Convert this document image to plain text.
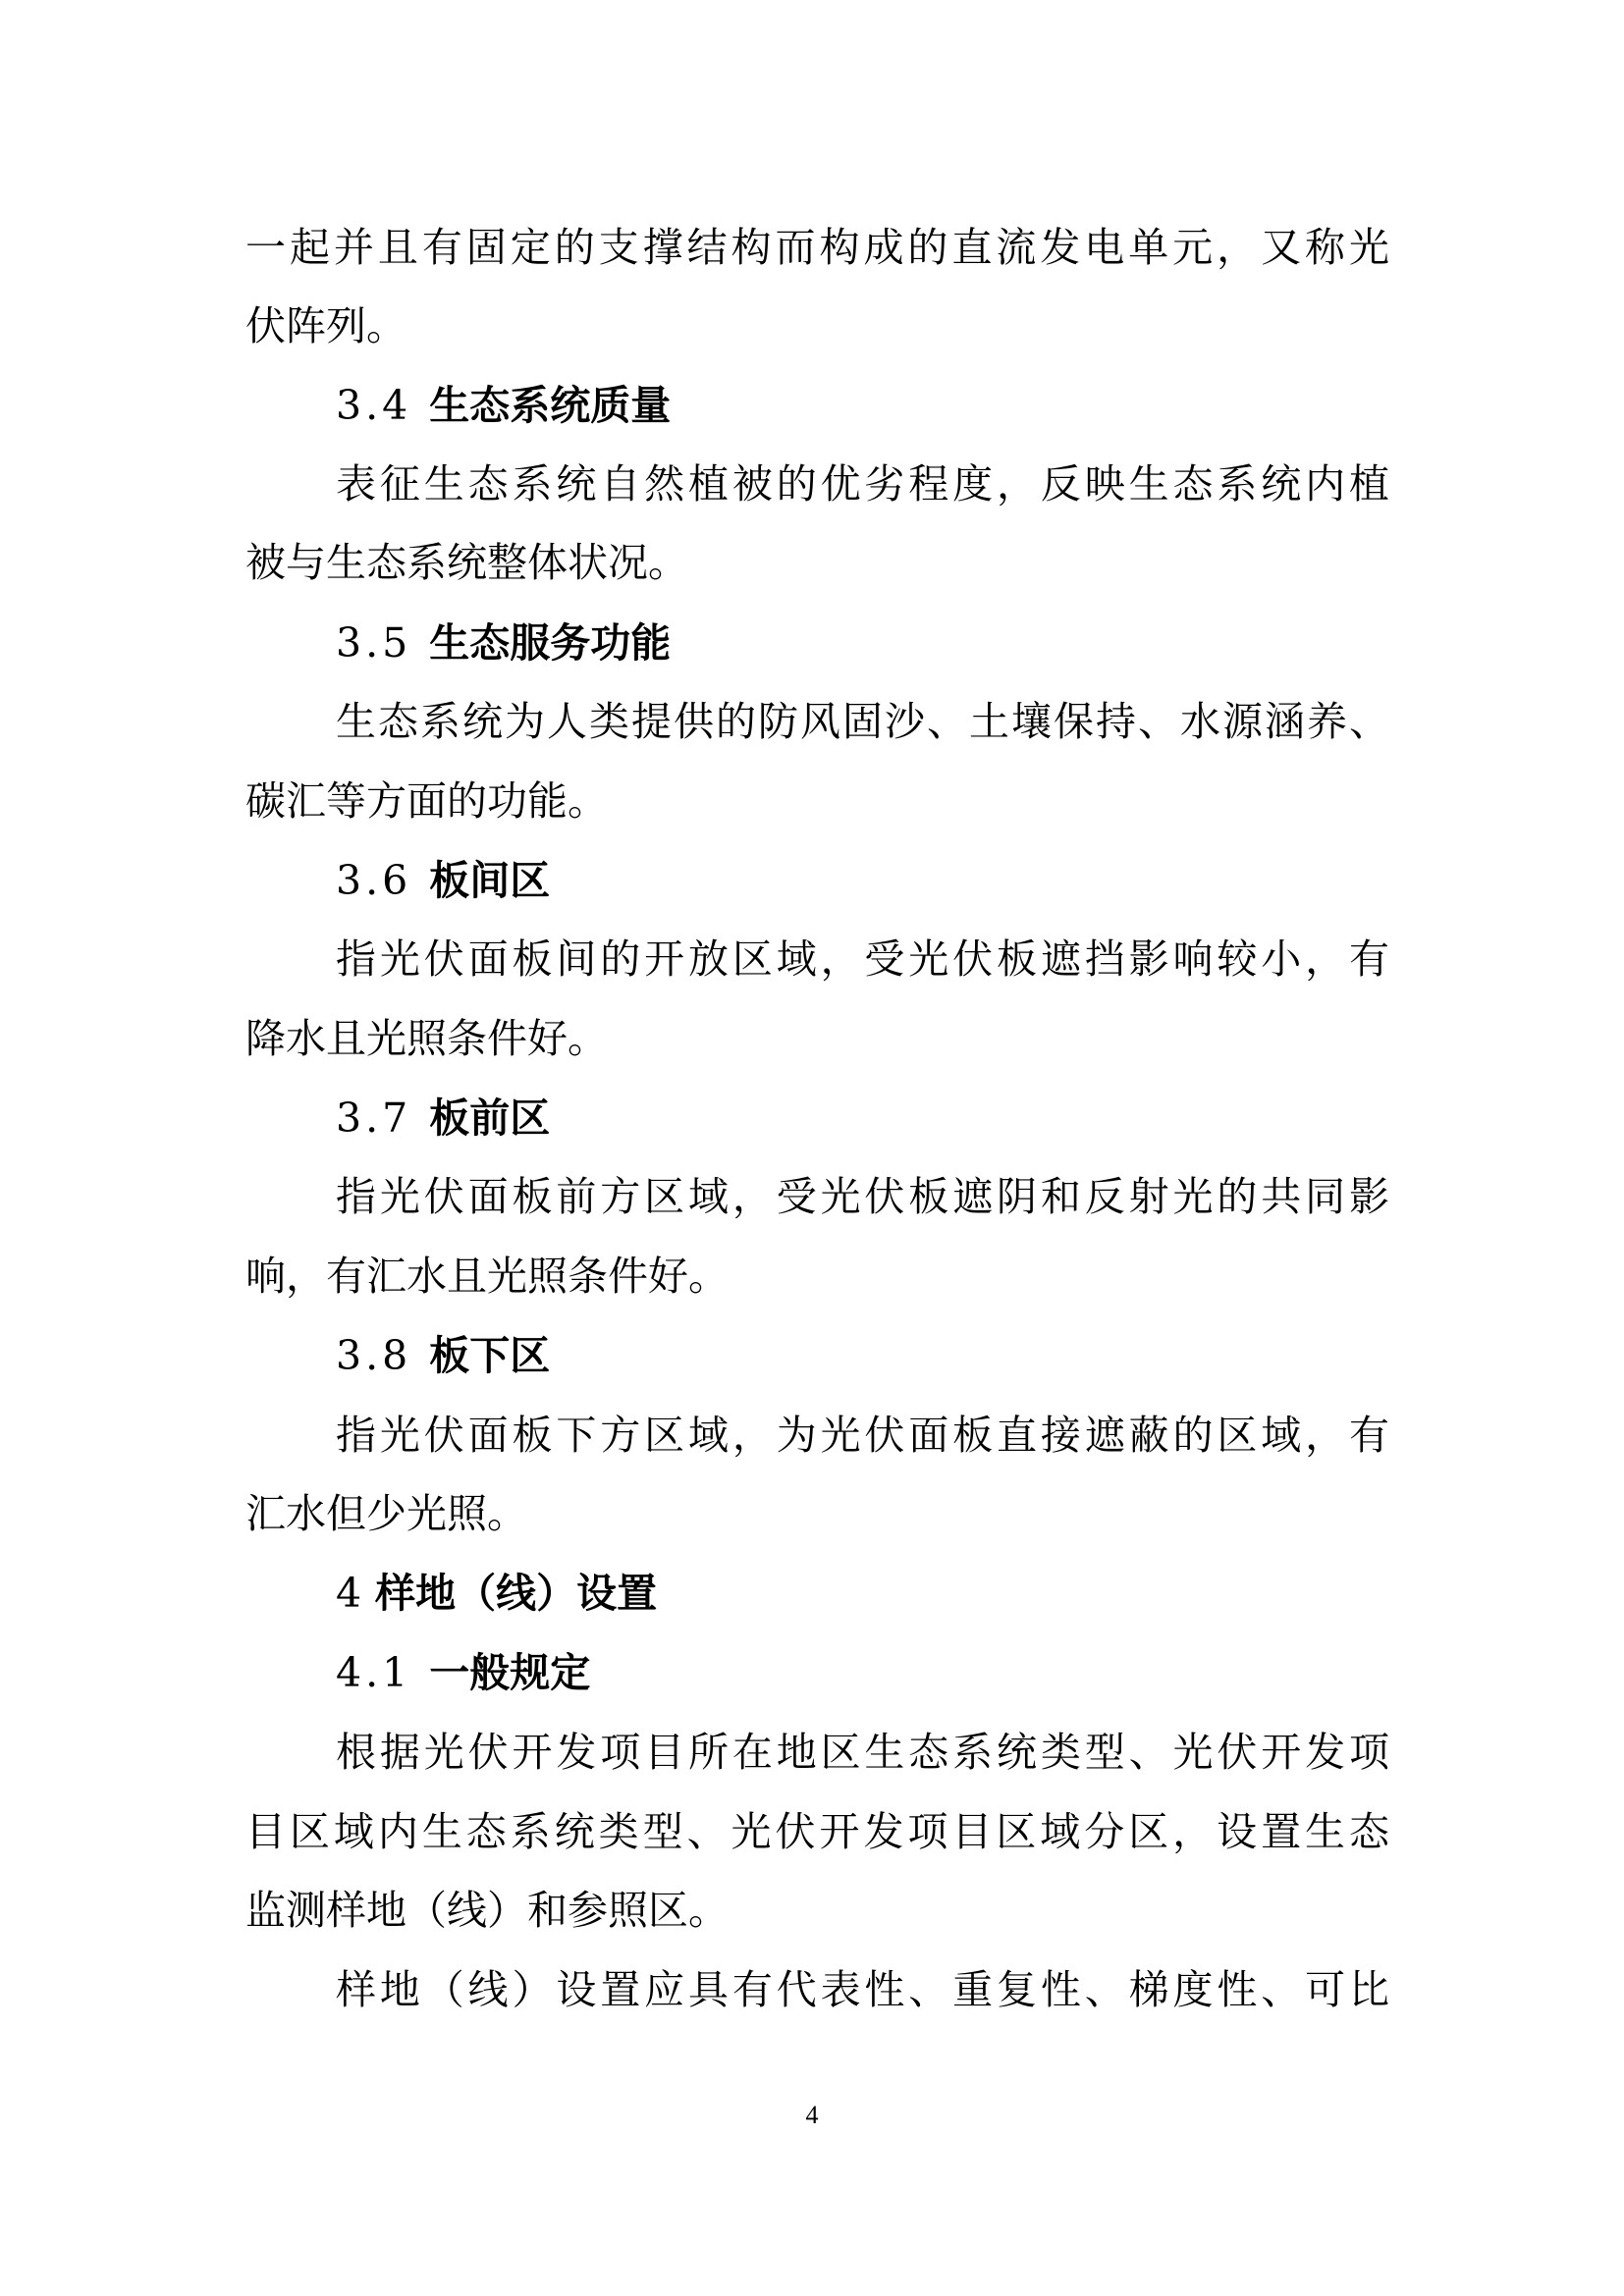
一起并且有固定的支撑结构而构成的直流发电单元，又称光
伏阵列。
3.4 生态系统质量
表征生态系统自然植被的优劣程度，反映生态系统内植
被与生态系统整体状况。
3.5 生态服务功能
生态系统为人类提供的防风固沙、土壤保持、水源涵养、
碳汇等方面的功能。
3.6 板间区
指光伏面板间的开放区域，受光伏板遮挡影响较小，有
降水且光照条件好。
3.7 板前区
指光伏面板前方区域，受光伏板遮阴和反射光的共同影
响，有汇水且光照条件好。
3.8 板下区
指光伏面板下方区域，为光伏面板直接遮蔽的区域，有
汇水但少光照。
4 样地（线）设置
4.1 一般规定
根据光伏开发项目所在地区生态系统类型、光伏开发项
目区域内生态系统类型、光伏开发项目区域分区，设置生态
监测样地（线）和参照区。
样地（线）设置应具有代表性、重复性、梯度性、可比
4
